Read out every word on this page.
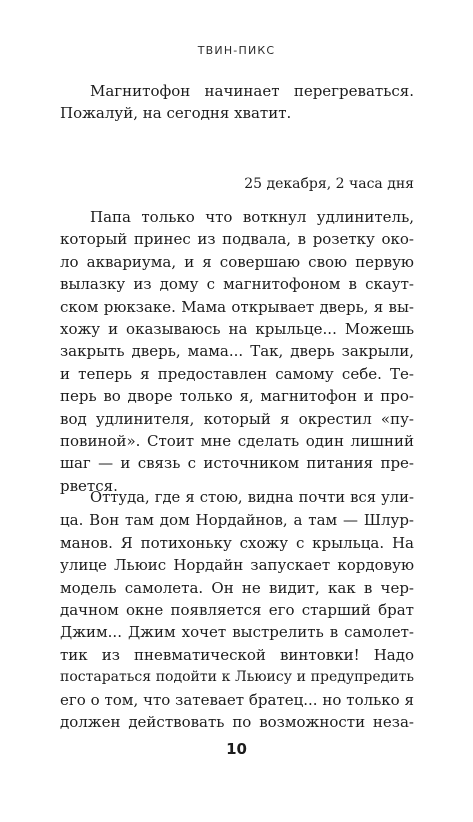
ТВИН-ПИКС
Магнитофон начинает перегреваться.
Пожалуй, на сегодня хватит.
25 декабря, 2 часа дня
Папа только что воткнул удлинитель,
который принес из подвала, в розетку око-
ло аквариума, и я совершаю свою первую
вылазку из дому с магнитофоном в скаут-
ском рюкзаке. Мама открывает дверь, я вы-
хожу и оказываюсь на крыльце... Можешь
закрыть дверь, мама... Так, дверь закрыли,
и теперь я предоставлен самому себе. Те-
перь во дворе только я, магнитофон и про-
вод удлинителя, который я окрестил «пу-
повиной». Стоит мне сделать один лишний
шаг — и связь с источником питания пре-
рвется.
Оттуда, где я стою, видна почти вся ули-
ца. Вон там дом Нордайнов, а там — Шлур-
манов. Я потихоньку схожу с крыльца. На
улице Льюис Нордайн запускает кордовую
модель самолета. Он не видит, как в чер-
дачном окне появляется его старший брат
Джим... Джим хочет выстрелить в самолет-
тик из пневматической винтовки! Надо
постараться подойти к Льюису и предупредить
его о том, что затевает братец... но только я
должен действовать по возможности неза-
10
